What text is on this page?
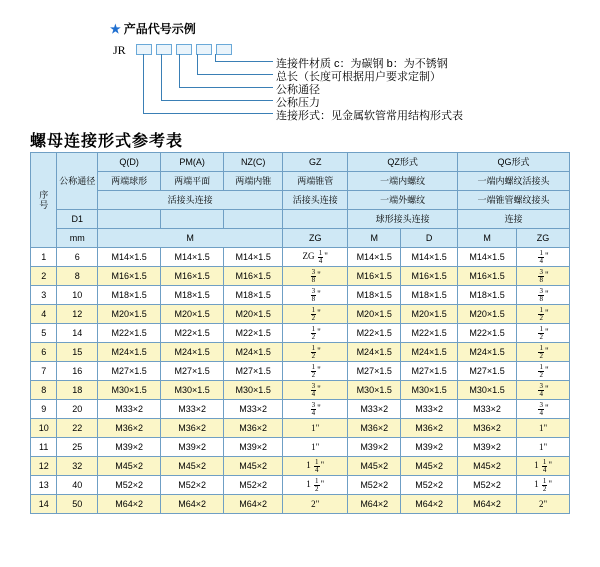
★ 产品代号示例
JR
连接件材质 c：为碳钢 b：为不锈钢
总长（长度可根据用户要求定制）
公称通径
公称压力
连接形式：见金属软管常用结构形式表
螺母连接形式参考表
序
号	公称通径	Q(D)	PM(A)	NZ(C)	GZ	QZ形式		QG形式	
		两端球形	两端平面	两端内锥	两端锥管	一端内螺纹		一端内螺纹活接头	
		活接头连接			活接头连接	一端外螺纹		一端锥管螺纹接头	
	D1					球形接头连接		连接	
	mm	M			ZG	M	D	M	ZG
1	6	M14×1.5	M14×1.5	M14×1.5	ZG $\frac{1}{4}$ "	M14×1.5	M14×1.5	M14×1.5	$\frac{1}{4}$ "
2	8	M16×1.5	M16×1.5	M16×1.5	$\frac{3}{8}$ "	M16×1.5	M16×1.5	M16×1.5	$\frac{3}{8}$ "
3	10	M18×1.5	M18×1.5	M18×1.5	$\frac{3}{8}$ "	M18×1.5	M18×1.5	M18×1.5	$\frac{3}{8}$ "
4	12	M20×1.5	M20×1.5	M20×1.5	$\frac{1}{2}$ "	M20×1.5	M20×1.5	M20×1.5	$\frac{1}{2}$ "
5	14	M22×1.5	M22×1.5	M22×1.5	$\frac{1}{2}$ "	M22×1.5	M22×1.5	M22×1.5	$\frac{1}{2}$ "
6	15	M24×1.5	M24×1.5	M24×1.5	$\frac{1}{2}$ "	M24×1.5	M24×1.5	M24×1.5	$\frac{1}{2}$ "
7	16	M27×1.5	M27×1.5	M27×1.5	$\frac{1}{2}$ "	M27×1.5	M27×1.5	M27×1.5	$\frac{1}{2}$ "
8	18	M30×1.5	M30×1.5	M30×1.5	$\frac{3}{4}$ "	M30×1.5	M30×1.5	M30×1.5	$\frac{3}{4}$ "
9	20	M33×2	M33×2	M33×2	$\frac{3}{4}$ "	M33×2	M33×2	M33×2	$\frac{3}{4}$ "
10	22	M36×2	M36×2	M36×2	1"	M36×2	M36×2	M36×2	1"
11	25	M39×2	M39×2	M39×2	1"	M39×2	M39×2	M39×2	1"
12	32	M45×2	M45×2	M45×2	$1 \frac{1}{4}$ "	M45×2	M45×2	M45×2	$1 \frac{1}{4}$ "
13	40	M52×2	M52×2	M52×2	$1 \frac{1}{2}$ "	M52×2	M52×2	M52×2	$1 \frac{1}{2}$ "
14	50	M64×2	M64×2	M64×2	2"	M64×2	M64×2	M64×2	2"
